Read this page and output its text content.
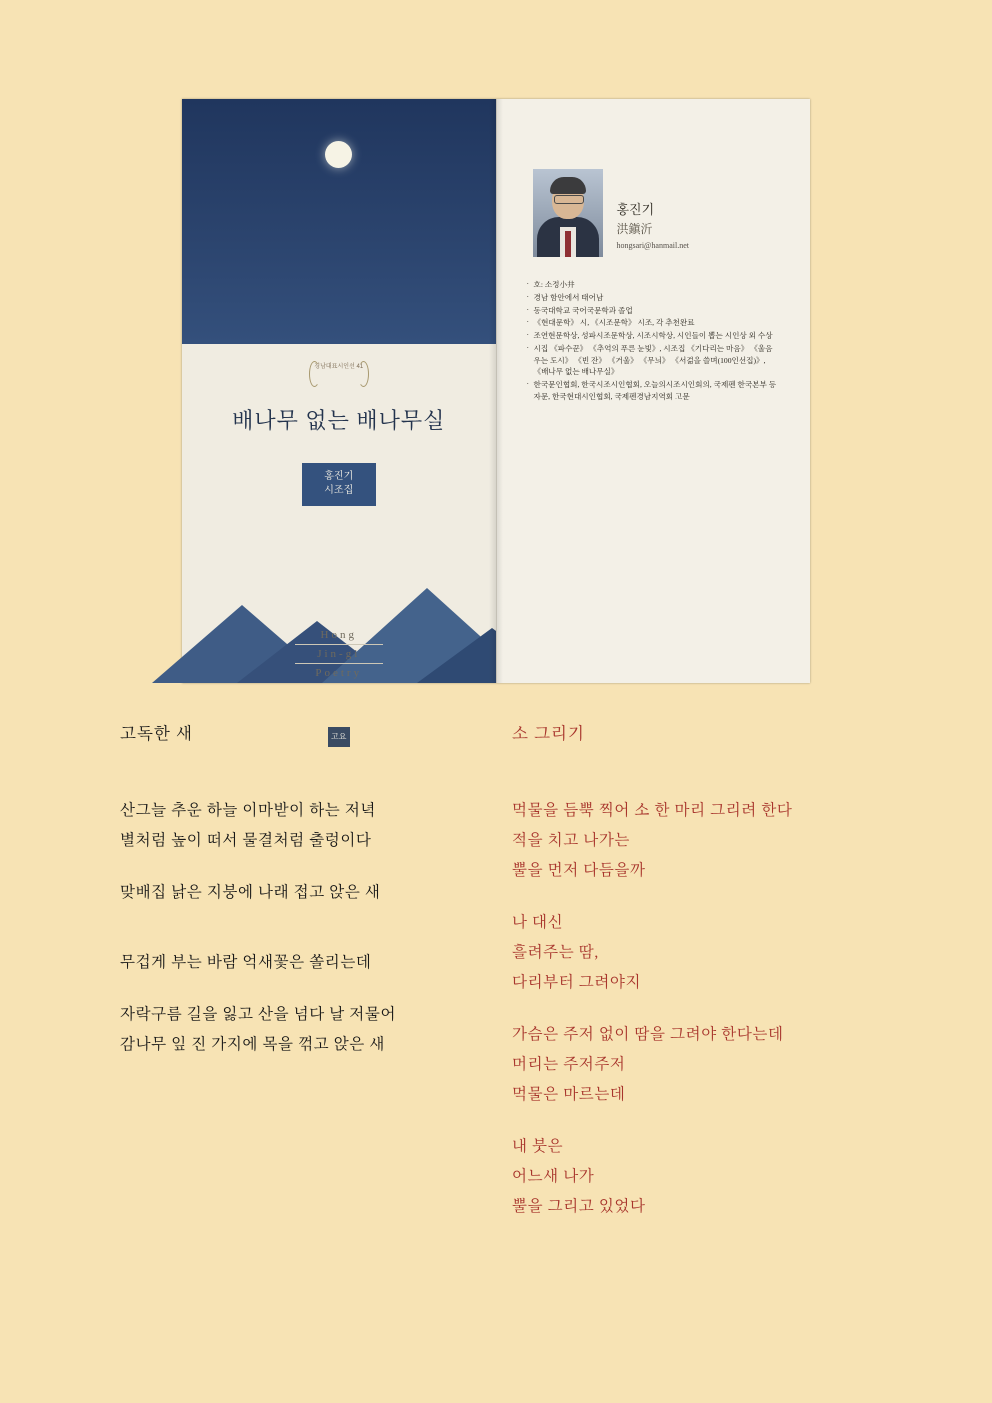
경남대표시인선 41
배나무 없는 배나무실
홍진기
시조집
Hong
Jin-gi
Poetry
고요
홍진기
洪鎭沂
hongsari@hanmail.net
· 호: 소정小井
· 경남 함안에서 태어남
· 동국대학교 국어국문학과 졸업
· 《현대문학》 시, 《시조문학》 시조, 각 추천완료
· 조연현문학상, 성파시조문학상, 시조시학상, 시인들이 뽑는 시인상 외 수상
· 시집 《파수꾼》 《추억의 푸른 눈빛》, 시조집 《기다리는 마음》 《울음 우는 도시》 《빈 잔》 《거울》 《무늬》 《서걺을 쓸며(100인선집)》, 《배나무 없는 배나무실》
· 한국문인협회, 한국시조시인협회, 오늘의시조시인회의, 국제펜 한국본부 등 자문, 한국현대시인협회, 국제펜경남지역회 고문
고독한 새
산그늘 추운 하늘 이마받이 하는 저녁
별처럼 높이 떠서 물결처럼 출렁이다
맞배집 낡은 지붕에 나래 접고 앉은 새
무겁게 부는 바람 억새꽃은 쏠리는데
자락구름 길을 잃고 산을 넘다 날 저물어
감나무 잎 진 가지에 목을 꺾고 앉은 새
소 그리기
먹물을 듬뿍 찍어 소 한 마리 그리려 한다
적을 치고 나가는
뿔을 먼저 다듬을까
나 대신
흘려주는 땀,
다리부터 그려야지
가슴은 주저 없이 땀을 그려야 한다는데
머리는 주저주저
먹물은 마르는데
내 붓은
어느새 나가
뿔을 그리고 있었다
